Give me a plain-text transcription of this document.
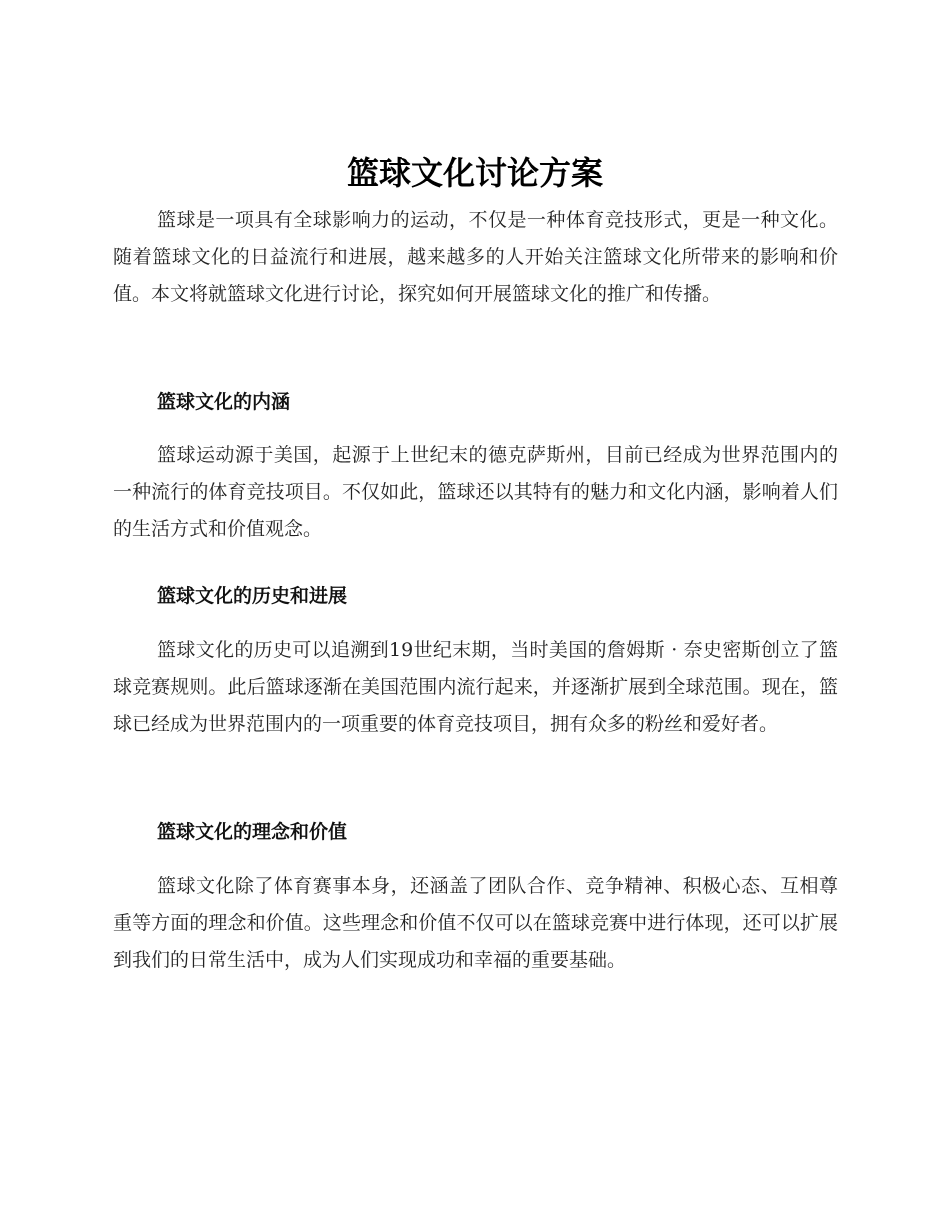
篮球文化讨论方案

篮球是一项具有全球影响力的运动，不仅是一种体育竞技形式，更是一种文化。随着篮球文化的日益流行和进展，越来越多的人开始关注篮球文化所带来的影响和价值。本文将就篮球文化进行讨论，探究如何开展篮球文化的推广和传播。

篮球文化的内涵

篮球运动源于美国，起源于上世纪末的德克萨斯州，目前已经成为世界范围内的一种流行的体育竞技项目。不仅如此，篮球还以其特有的魅力和文化内涵，影响着人们的生活方式和价值观念。

篮球文化的历史和进展

篮球文化的历史可以追溯到19世纪末期，当时美国的詹姆斯 · 奈史密斯创立了篮球竞赛规则。此后篮球逐渐在美国范围内流行起来，并逐渐扩展到全球范围。现在，篮球已经成为世界范围内的一项重要的体育竞技项目，拥有众多的粉丝和爱好者。

篮球文化的理念和价值

篮球文化除了体育赛事本身，还涵盖了团队合作、竞争精神、积极心态、互相尊重等方面的理念和价值。这些理念和价值不仅可以在篮球竞赛中进行体现，还可以扩展到我们的日常生活中，成为人们实现成功和幸福的重要基础。
